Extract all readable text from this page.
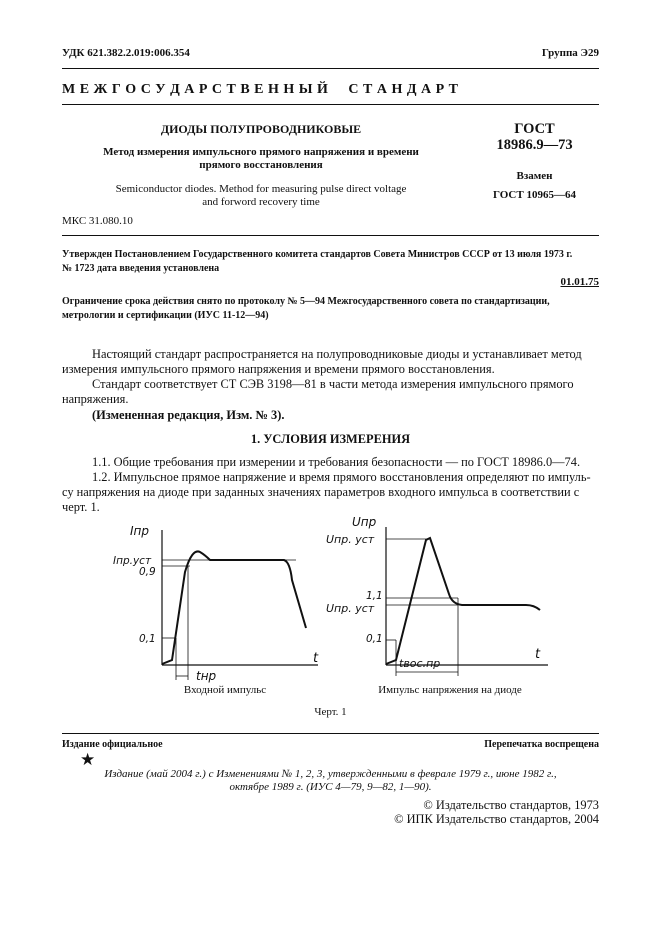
УДК 621.382.2.019:006.354	Группа Э29
М Е Ж Г О С У Д А Р С Т В Е Н Н Ы Й     С Т А Н Д А Р Т
ДИОДЫ ПОЛУПРОВОДНИКОВЫЕ
Метод измерения импульсного прямого напряжения и времени
прямого восстановления
Semiconductor diodes. Method for measuring pulse direct voltage
and forword recovery time
ГОСТ
18986.9—73
Взамен
ГОСТ 10965—64
МКС 31.080.10
Утвержден Постановлением Государственного комитета стандартов Совета Министров СССР от 13 июля 1973 г.
№ 1723 дата введения установлена
01.01.75
Ограничение срока действия снято по протоколу № 5—94 Межгосударственного совета по стандартизации,
метрологии и сертификации (ИУС 11-12—94)
Настоящий стандарт распространяется на полупроводниковые диоды и устанавливает метод
измерения импульсного прямого напряжения и времени прямого восстановления.
Стандарт соответствует СТ СЭВ 3198—81 в части метода измерения импульсного прямого
напряжения.
(Измененная редакция, Изм. № 3).
1. УСЛОВИЯ ИЗМЕРЕНИЯ
1.1. Общие требования при измерении и требования безопасности — по ГОСТ 18986.0—74.
1.2. Импульсное прямое напряжение и время прямого восстановления определяют по импуль-
су напряжения на диоде при заданных значениях параметров входного импульса в соответствии с
черт. 1.
Iпр
Iпр.уст
0,9
0,1
tнр
t
Uпр
Uпр. уст
1,1
Uпр. уст
0,1
tвос.пр
t
Входной импульс	Импульс напряжения на диоде
Черт. 1
Издание официальное	Перепечатка воспрещена
★
Издание (май 2004 г.) с Изменениями № 1, 2, 3, утвержденными в феврале 1979 г., июне 1982 г.,
октябре 1989 г. (ИУС 4—79, 9—82, 1—90).
© Издательство стандартов, 1973
© ИПК Издательство стандартов, 2004
